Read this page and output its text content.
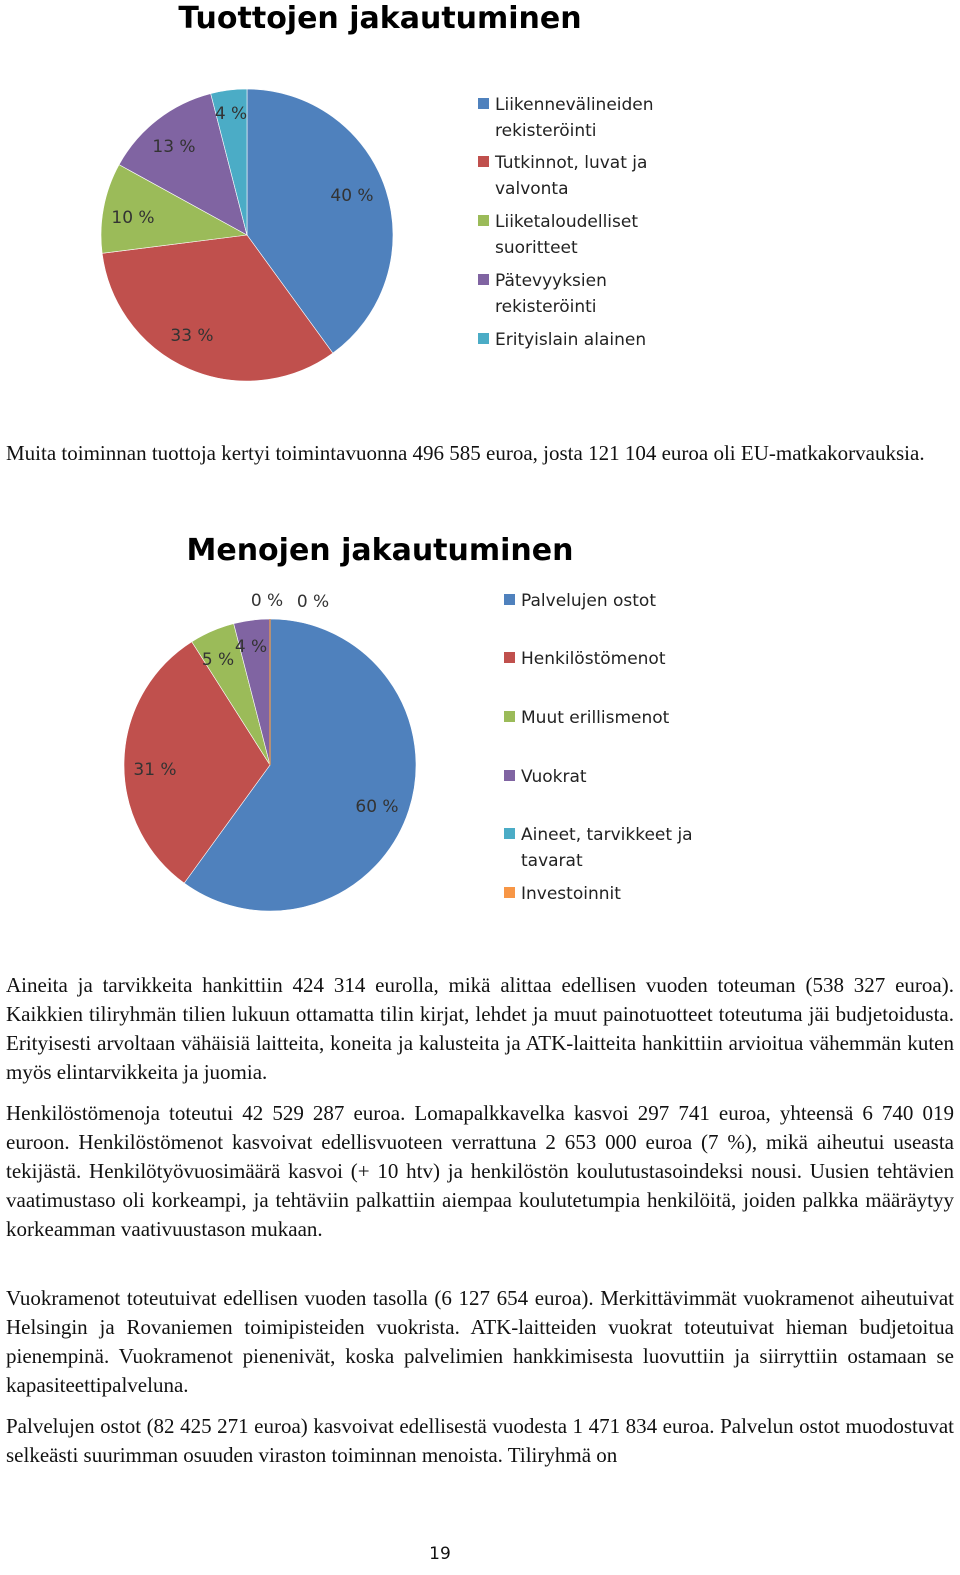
Tuottojen jakautuminen
40 %
33 %
10 %
13 %
4 %	Liikennevälineiden
rekisteröinti
Tutkinnot, luvat ja
valvonta
Liiketaloudelliset
suoritteet
Pätevyyksien
rekisteröinti
Erityislain alainen

Muita toiminnan tuottoja kertyi toimintavuonna 496 585 euroa, josta 121 104 euroa oli EU-matkakorvauksia.

Menojen jakautuminen
60 %
31 %
5 %
4 %
0 % 0 %	Palvelujen ostot
Henkilöstömenot
Muut erillismenot
Vuokrat
Aineet, tarvikkeet ja
tavarat
Investoinnit

Aineita ja tarvikkeita hankittiin 424 314 eurolla, mikä alittaa edellisen vuoden toteuman (538 327 euroa). Kaikkien tiliryhmän tilien lukuun ottamatta tilin kirjat, lehdet ja muut painotuotteet toteutuma jäi budjetoidusta. Erityisesti arvoltaan vähäisiä laitteita, koneita ja kalusteita ja ATK-laitteita hankittiin arvioitua vähemmän kuten myös elintarvikkeita ja juomia.

Henkilöstömenoja toteutui 42 529 287 euroa. Lomapalkkavelka kasvoi 297 741 euroa, yhteensä 6 740 019 euroon. Henkilöstömenot kasvoivat edellisvuoteen verrattuna 2 653 000 euroa (7 %), mikä aiheutui useasta tekijästä. Henkilötyövuosimäärä kasvoi (+ 10 htv) ja henkilöstön koulutustasoindeksi nousi. Uusien tehtävien vaatimustaso oli korkeampi, ja tehtäviin palkattiin aiempaa koulutetumpia henkilöitä, joiden palkka määräytyy korkeamman vaativuustason mukaan.

Vuokramenot toteutuivat edellisen vuoden tasolla (6 127 654 euroa). Merkittävimmät vuokramenot aiheutuivat Helsingin ja Rovaniemen toimipisteiden vuokrista. ATK-laitteiden vuokrat toteutuivat hieman budjetoitua pienempinä. Vuokramenot pienenivät, koska palvelimien hankkimisesta luovuttiin ja siirryttiin ostamaan se kapasiteettipalveluna.

Palvelujen ostot (82 425 271 euroa) kasvoivat edellisestä vuodesta 1 471 834 euroa. Palvelun ostot muodostuvat selkeästi suurimman osuuden viraston toiminnan menoista. Tiliryhmä on

19
